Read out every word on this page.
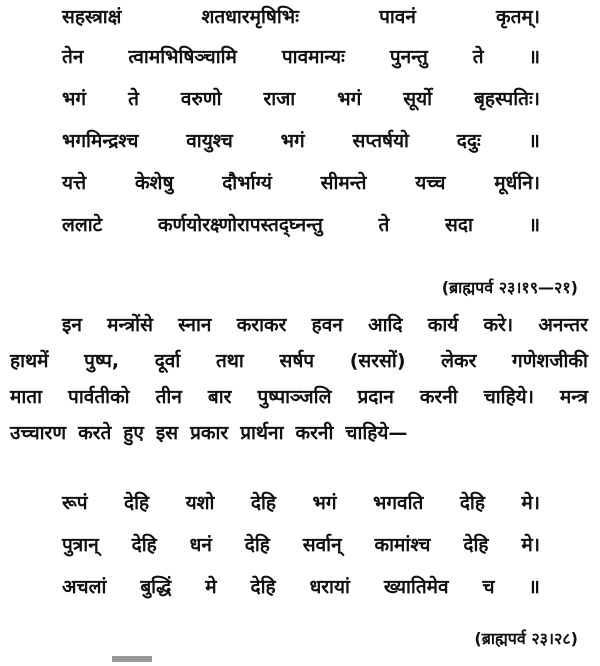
सहस्त्राक्षं	शतधारमृषिभिः	पावनं	कृतम्।
तेन त्वामभिषिञ्चामि पावमान्यः पुनन्तु ते ॥
भगं ते वरुणो राजा भगं सूर्यो बृहस्पतिः।
भगमिन्द्रश्च	वायुश्च	भगं	सप्तर्षयो	ददुः	॥
यत्ते	केशेषु	दौर्भाग्यं	सीमन्ते	यच्च	मूर्धनि।
ललाटे	कर्णयोरक्ष्णोरापस्तद्घ्नन्तु	ते	सदा	॥
(ब्राह्मपर्व २३।१९—२१)
इन मन्त्रोंसे स्नान कराकर हवन आदि कार्य करे। अनन्तर
हाथमें पुष्प, दूर्वा तथा सर्षप (सरसों) लेकर गणेशजीकी
माता पार्वतीको तीन बार पुष्पाञ्जलि प्रदान करनी चाहिये। मन्त्र
उच्चारण करते हुए इस प्रकार प्रार्थना करनी चाहिये—
रूपं देहि यशो देहि भगं भगवति देहि मे।
पुत्रान् देहि धनं देहि सर्वान् कामांश्च देहि मे।
अचलां बुद्धिं मे देहि धरायां ख्यातिमेव च ॥
(ब्राह्मपर्व २३।२८)
